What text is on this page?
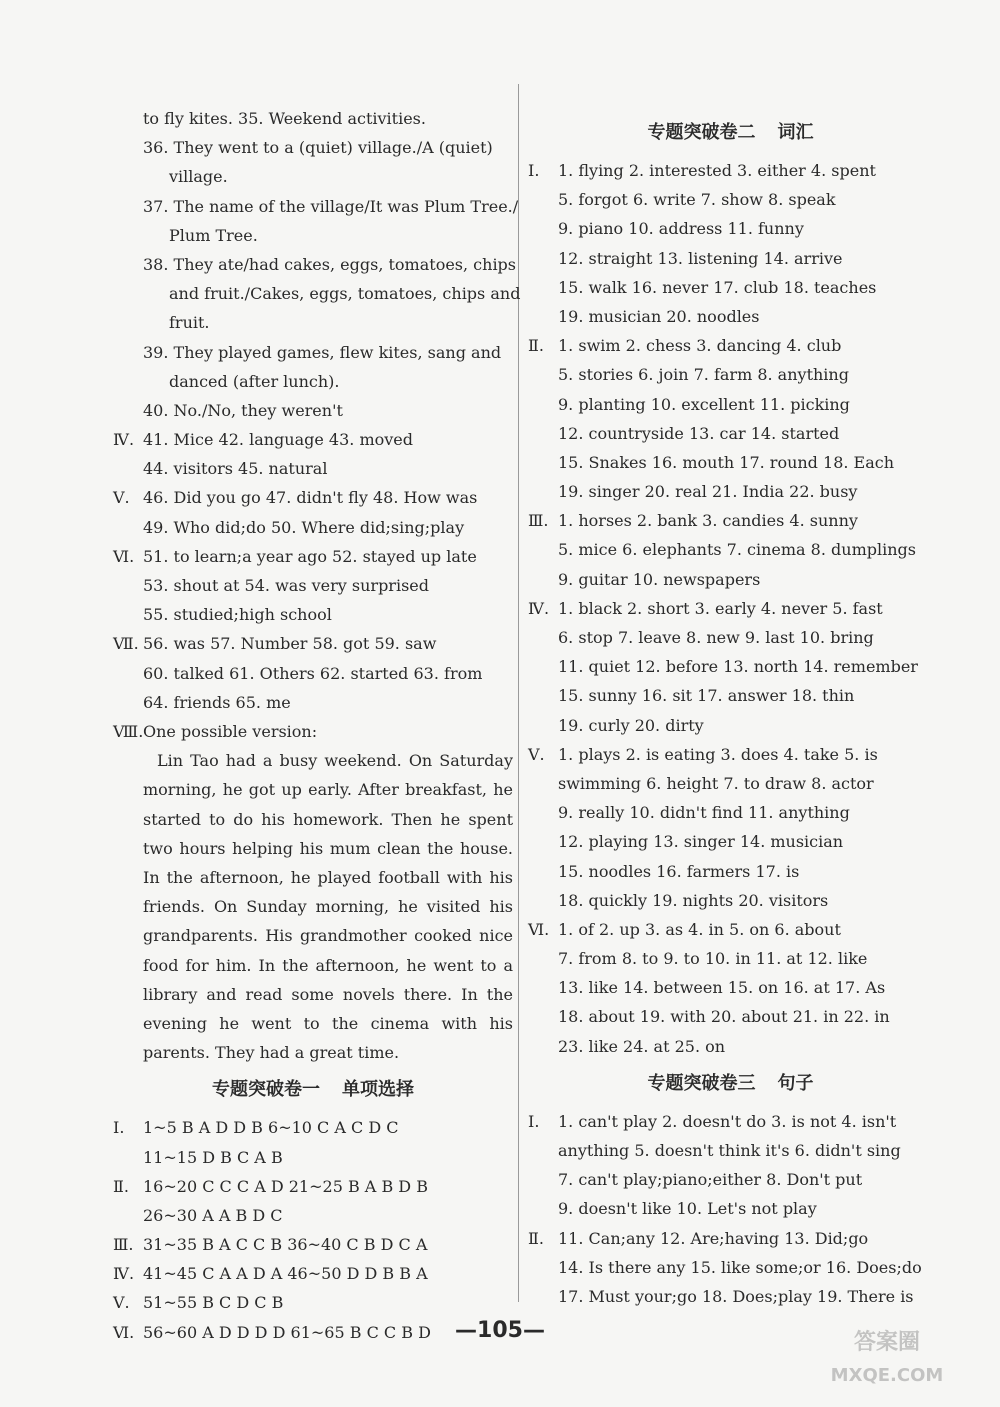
to fly kites. 35. Weekend activities.
36. They went to a (quiet) village./A (quiet)
village.
37. The name of the village/It was Plum Tree./
Plum Tree.
38. They ate/had cakes, eggs, tomatoes, chips
and fruit./Cakes, eggs, tomatoes, chips and
fruit.
39. They played games, flew kites, sang and
danced (after lunch).
40. No./No, they weren't
Ⅳ. 41. Mice 42. language 43. moved
44. visitors 45. natural
Ⅴ. 46. Did you go 47. didn't fly 48. How was
49. Who did;do 50. Where did;sing;play
Ⅵ. 51. to learn;a year ago 52. stayed up late
53. shout at 54. was very surprised
55. studied;high school
Ⅶ. 56. was 57. Number 58. got 59. saw
60. talked 61. Others 62. started 63. from
64. friends 65. me
Ⅷ.One possible version:

Lin Tao had a busy weekend. On Saturday morning, he got up early. After breakfast, he started to do his homework. Then he spent two hours helping his mum clean the house. In the afternoon, he played football with his friends. On Sunday morning, he visited his grandparents. His grandmother cooked nice food for him. In the afternoon, he went to a library and read some novels there. In the evening he went to the cinema with his parents. They had a great time.

专题突破卷一 单项选择
Ⅰ. 1~5 B A D D B 6~10 C A C D C
11~15 D B C A B
Ⅱ. 16~20 C C C A D 21~25 B A B D B
26~30 A A B D C
Ⅲ. 31~35 B A C C B 36~40 C B D C A
Ⅳ. 41~45 C A A D A 46~50 D D B B A
Ⅴ. 51~55 B C D C B
Ⅵ. 56~60 A D D D D 61~65 B C C B D
专题突破卷二 词汇
Ⅰ. 1. flying 2. interested 3. either 4. spent
5. forgot 6. write 7. show 8. speak
9. piano 10. address 11. funny
12. straight 13. listening 14. arrive
15. walk 16. never 17. club 18. teaches
19. musician 20. noodles
Ⅱ. 1. swim 2. chess 3. dancing 4. club
5. stories 6. join 7. farm 8. anything
9. planting 10. excellent 11. picking
12. countryside 13. car 14. started
15. Snakes 16. mouth 17. round 18. Each
19. singer 20. real 21. India 22. busy
Ⅲ. 1. horses 2. bank 3. candies 4. sunny
5. mice 6. elephants 7. cinema 8. dumplings
9. guitar 10. newspapers
Ⅳ. 1. black 2. short 3. early 4. never 5. fast
6. stop 7. leave 8. new 9. last 10. bring
11. quiet 12. before 13. north 14. remember
15. sunny 16. sit 17. answer 18. thin
19. curly 20. dirty
Ⅴ. 1. plays 2. is eating 3. does 4. take 5. is
swimming 6. height 7. to draw 8. actor
9. really 10. didn't find 11. anything
12. playing 13. singer 14. musician
15. noodles 16. farmers 17. is
18. quickly 19. nights 20. visitors
Ⅵ. 1. of 2. up 3. as 4. in 5. on 6. about
7. from 8. to 9. to 10. in 11. at 12. like
13. like 14. between 15. on 16. at 17. As
18. about 19. with 20. about 21. in 22. in
23. like 24. at 25. on
专题突破卷三 句子
Ⅰ. 1. can't play 2. doesn't do 3. is not 4. isn't
anything 5. doesn't think it's 6. didn't sing
7. can't play;piano;either 8. Don't put
9. doesn't like 10. Let's not play
Ⅱ. 11. Can;any 12. Are;having 13. Did;go
14. Is there any 15. like some;or 16. Does;do
17. Must your;go 18. Does;play 19. There is
—105—	答案圈
MXQE.COM
